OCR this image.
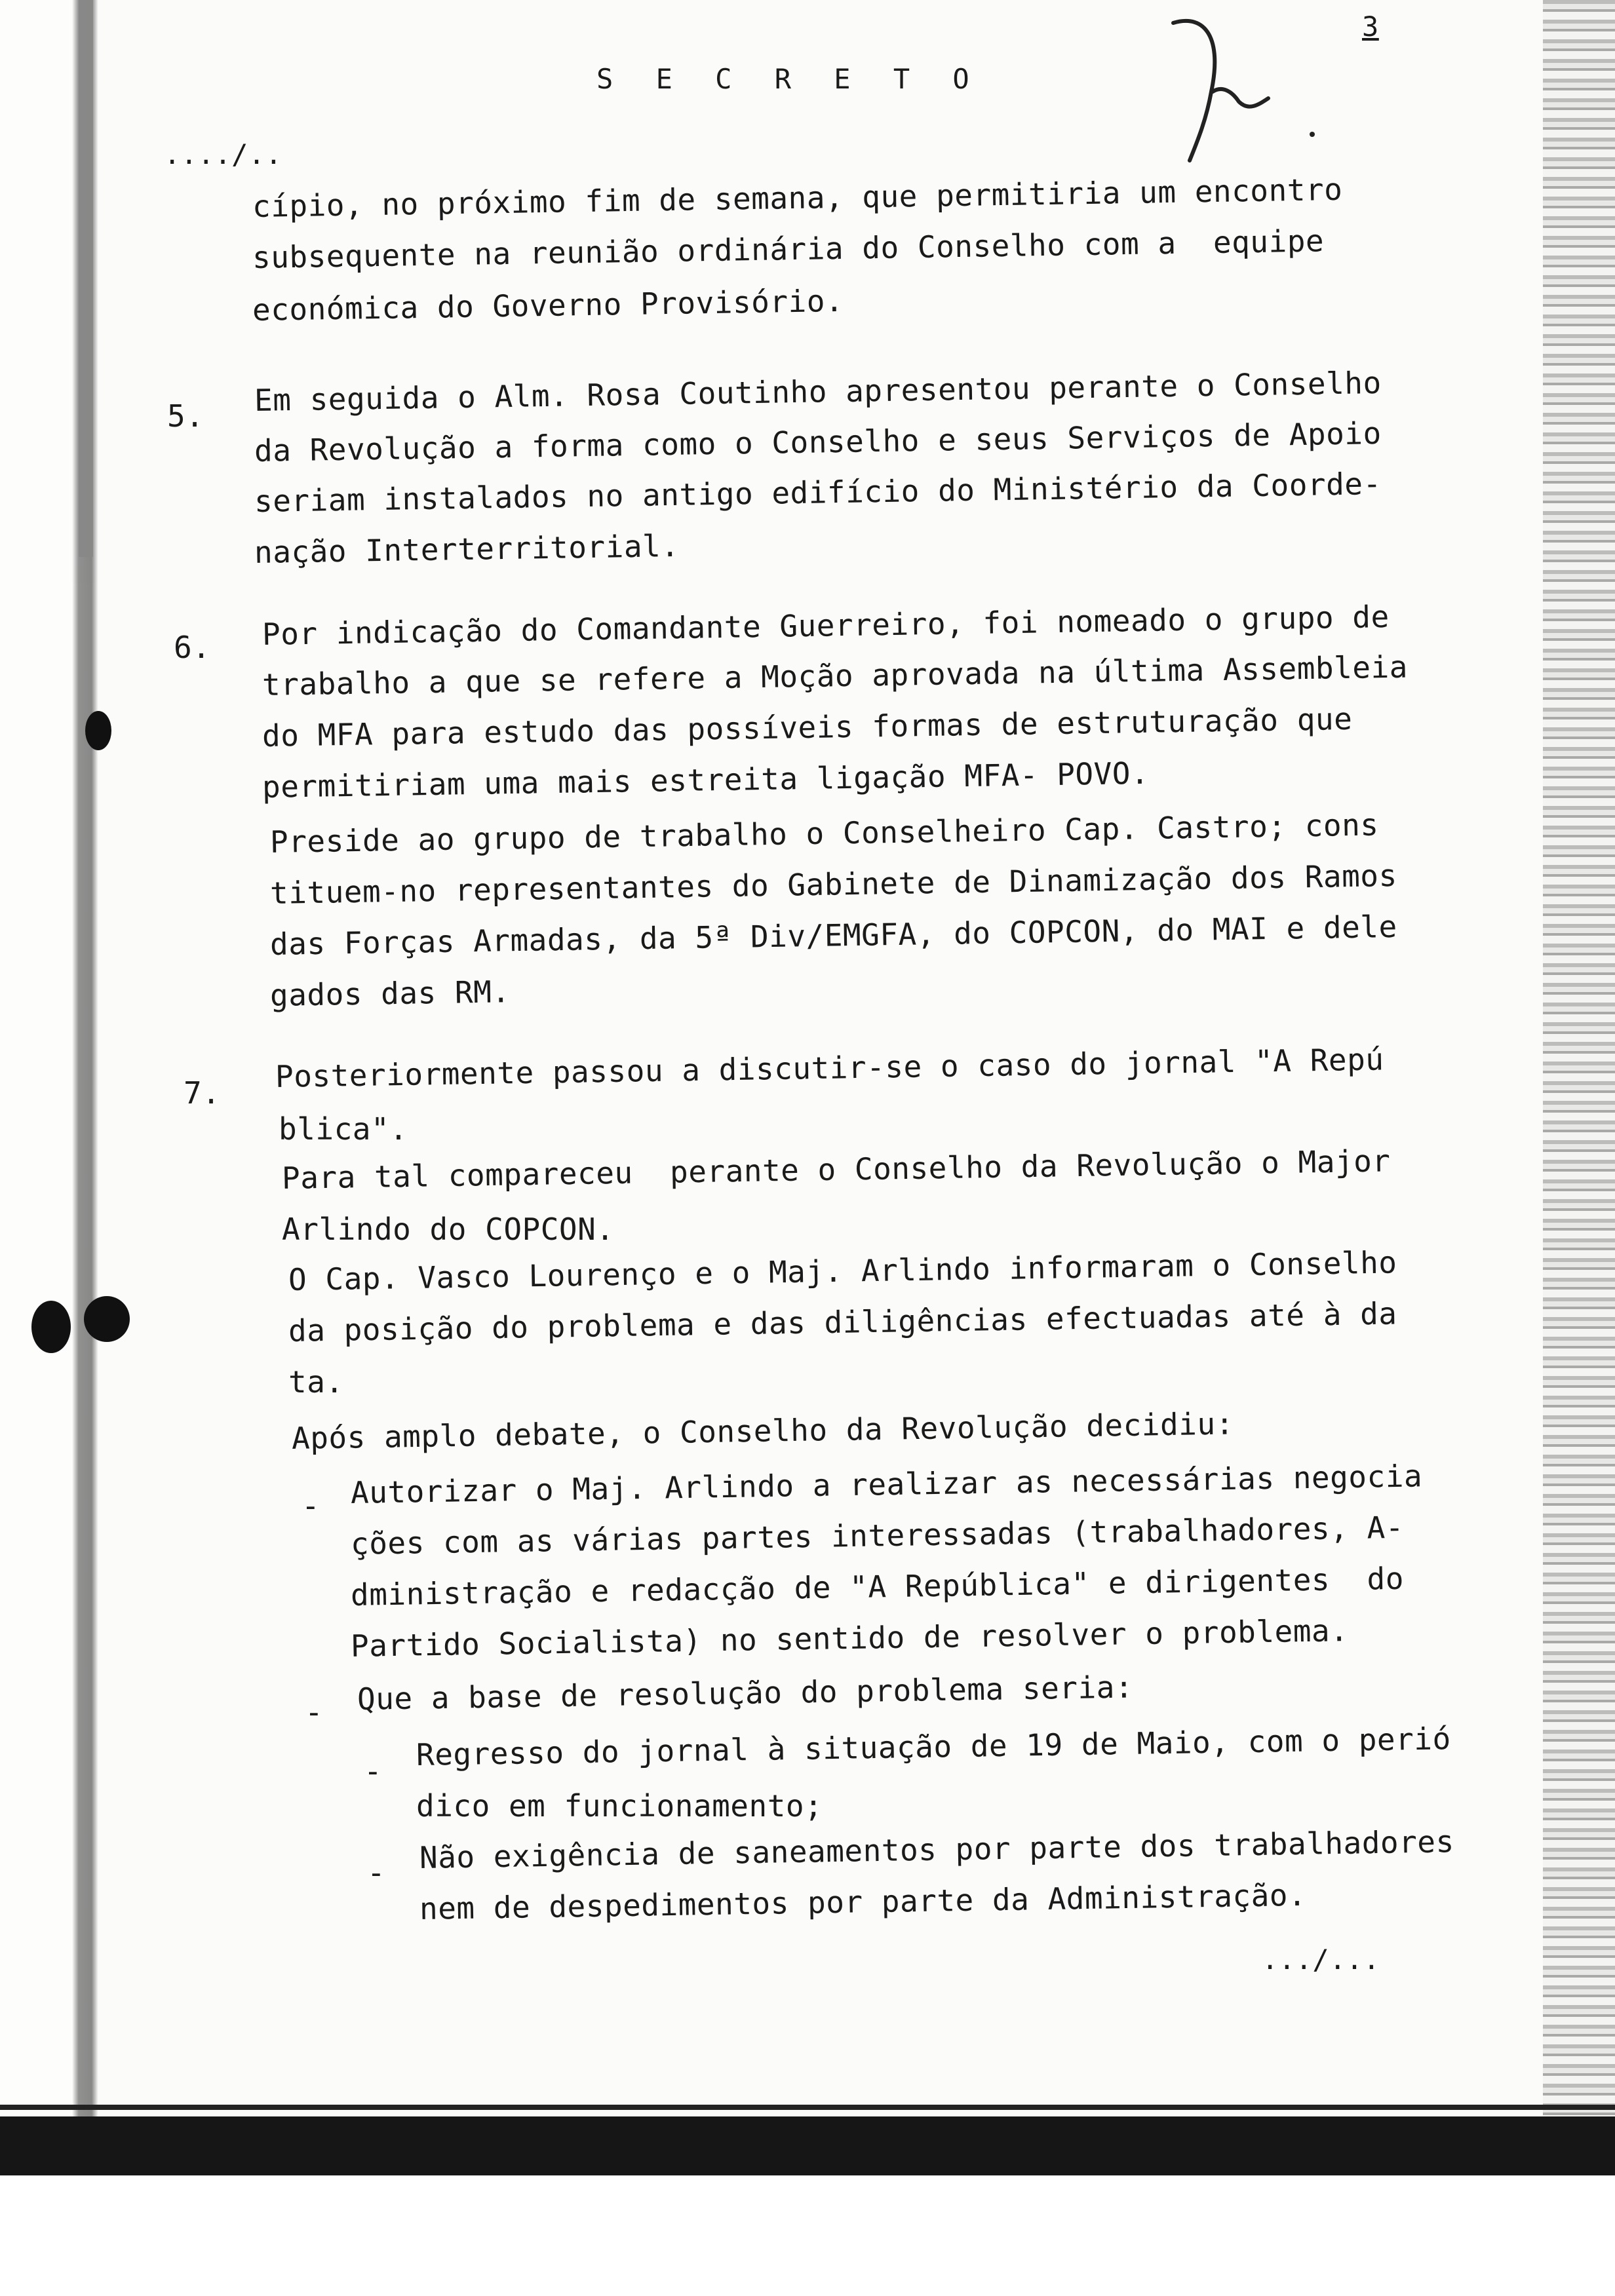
S E C R E T O
3
..../..
cípio, no próximo fim de semana, que permitiria um encontro
subsequente na reunião ordinária do Conselho com a  equipe
económica do Governo Provisório.
5. Em seguida o Alm. Rosa Coutinho apresentou perante o Conselho
da Revolução a forma como o Conselho e seus Serviços de Apoio
seriam instalados no antigo edifício do Ministério da Coorde-
nação Interterritorial.
6. Por indicação do Comandante Guerreiro, foi nomeado o grupo de
trabalho a que se refere a Moção aprovada na última Assembleia
do MFA para estudo das possíveis formas de estruturação que
permitiriam uma mais estreita ligação MFA- POVO.
Preside ao grupo de trabalho o Conselheiro Cap. Castro; cons
tituem-no representantes do Gabinete de Dinamização dos Ramos
das Forças Armadas, da 5ª Div/EMGFA, do COPCON, do MAI e dele
gados das RM.
7. Posteriormente passou a discutir-se o caso do jornal "A Repú
blica".
Para tal compareceu  perante o Conselho da Revolução o Major
Arlindo do COPCON.
O Cap. Vasco Lourenço e o Maj. Arlindo informaram o Conselho
da posição do problema e das diligências efectuadas até à da
ta.
Após amplo debate, o Conselho da Revolução decidiu:
- Autorizar o Maj. Arlindo a realizar as necessárias negocia
ções com as várias partes interessadas (trabalhadores, A-
dministração e redacção de "A República" e dirigentes  do
Partido Socialista) no sentido de resolver o problema.
- Que a base de resolução do problema seria:
- Regresso do jornal à situação de 19 de Maio, com o perió
dico em funcionamento;
- Não exigência de saneamentos por parte dos trabalhadores
nem de despedimentos por parte da Administração.
.../...
